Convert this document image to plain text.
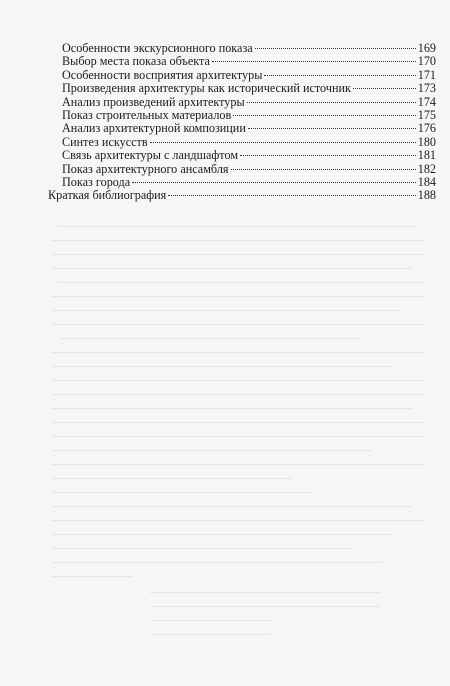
Особенности экскурсионного показа	169
Выбор места показа объекта	170
Особенности восприятия архитектуры	171
Произведения архитектуры как исторический источник	173
Анализ произведений архитектуры	174
Показ строительных материалов	175
Анализ архитектурной композиции	176
Синтез искусств	180
Связь архитектуры с ландшафтом	181
Показ архитектурного ансамбля	182
Показ города	184
Краткая библиография	188
